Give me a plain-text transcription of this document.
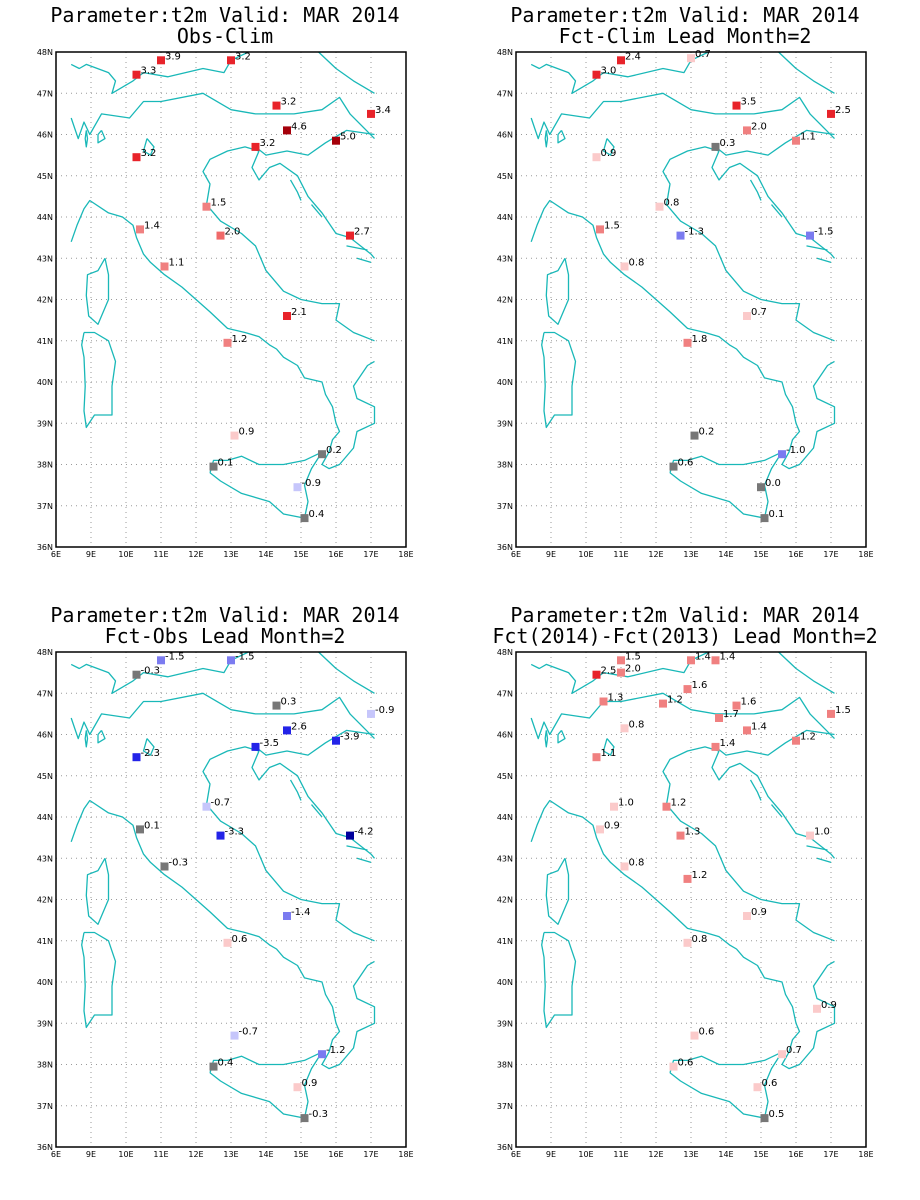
Parameter:t2m Valid: MAR 2014
Obs-Clim
3.9	3.2
3.3
3.2
3.4
4.6
5.0
3.2
3.2
1.5
1.4
2.0	2.7
1.1
2.1
1.2
0.9
0.2
0.1
-0.9
0.4
6E	9E	10E 11E 12E 13E 14E 15E 16E 17E 18E
36N
37N
38N
39N
40N
41N
42N
43N
44N
45N
46N
47N
48N
Parameter:t2m Valid: MAR 2014
Fct-Clim Lead Month=2
2.4	0.7
3.0
3.5
2.5
2.0
1.1
0.3
0.9
0.8
1.5
-1.3	-1.5
0.8
0.7
1.8
0.2
-1.0
0.6
0.0
0.1
6E	9E	10E 11E 12E 13E 14E 15E 16E 17E 18E
36N
37N
38N
39N
40N
41N
42N
43N
44N
45N
46N
47N
48N
Parameter:t2m Valid: MAR 2014
Fct-Obs Lead Month=2
-1.5	-1.5
-0.3
0.3
-0.9
2.6
-3.9
-3.5
-2.3
-0.7
0.1
-3.3	-4.2
-0.3
-1.4
0.6
-0.7
-1.2
0.4
0.9
-0.3
6E	9E	10E 11E 12E 13E 14E 15E 16E 17E 18E
36N
37N
38N
39N
40N
41N
42N
43N
44N
45N
46N
47N
48N
Parameter:t2m Valid: MAR 2014
Fct(2014)-Fct(2013) Lead Month=2
1.5	1.4 1.4
2.5 2.0
1.6
1.3	1.2	1.6
1.7	1.5
0.8	1.4
1.2
1.4
1.1
1.0	1.2
0.9
1.3	1.0
0.8
1.2
0.9
0.8
0.9
0.6
0.7
0.6
0.6
0.5
6E	9E	10E 11E 12E 13E 14E 15E 16E 17E 18E
36N
37N
38N
39N
40N
41N
42N
43N
44N
45N
46N
47N
48N
